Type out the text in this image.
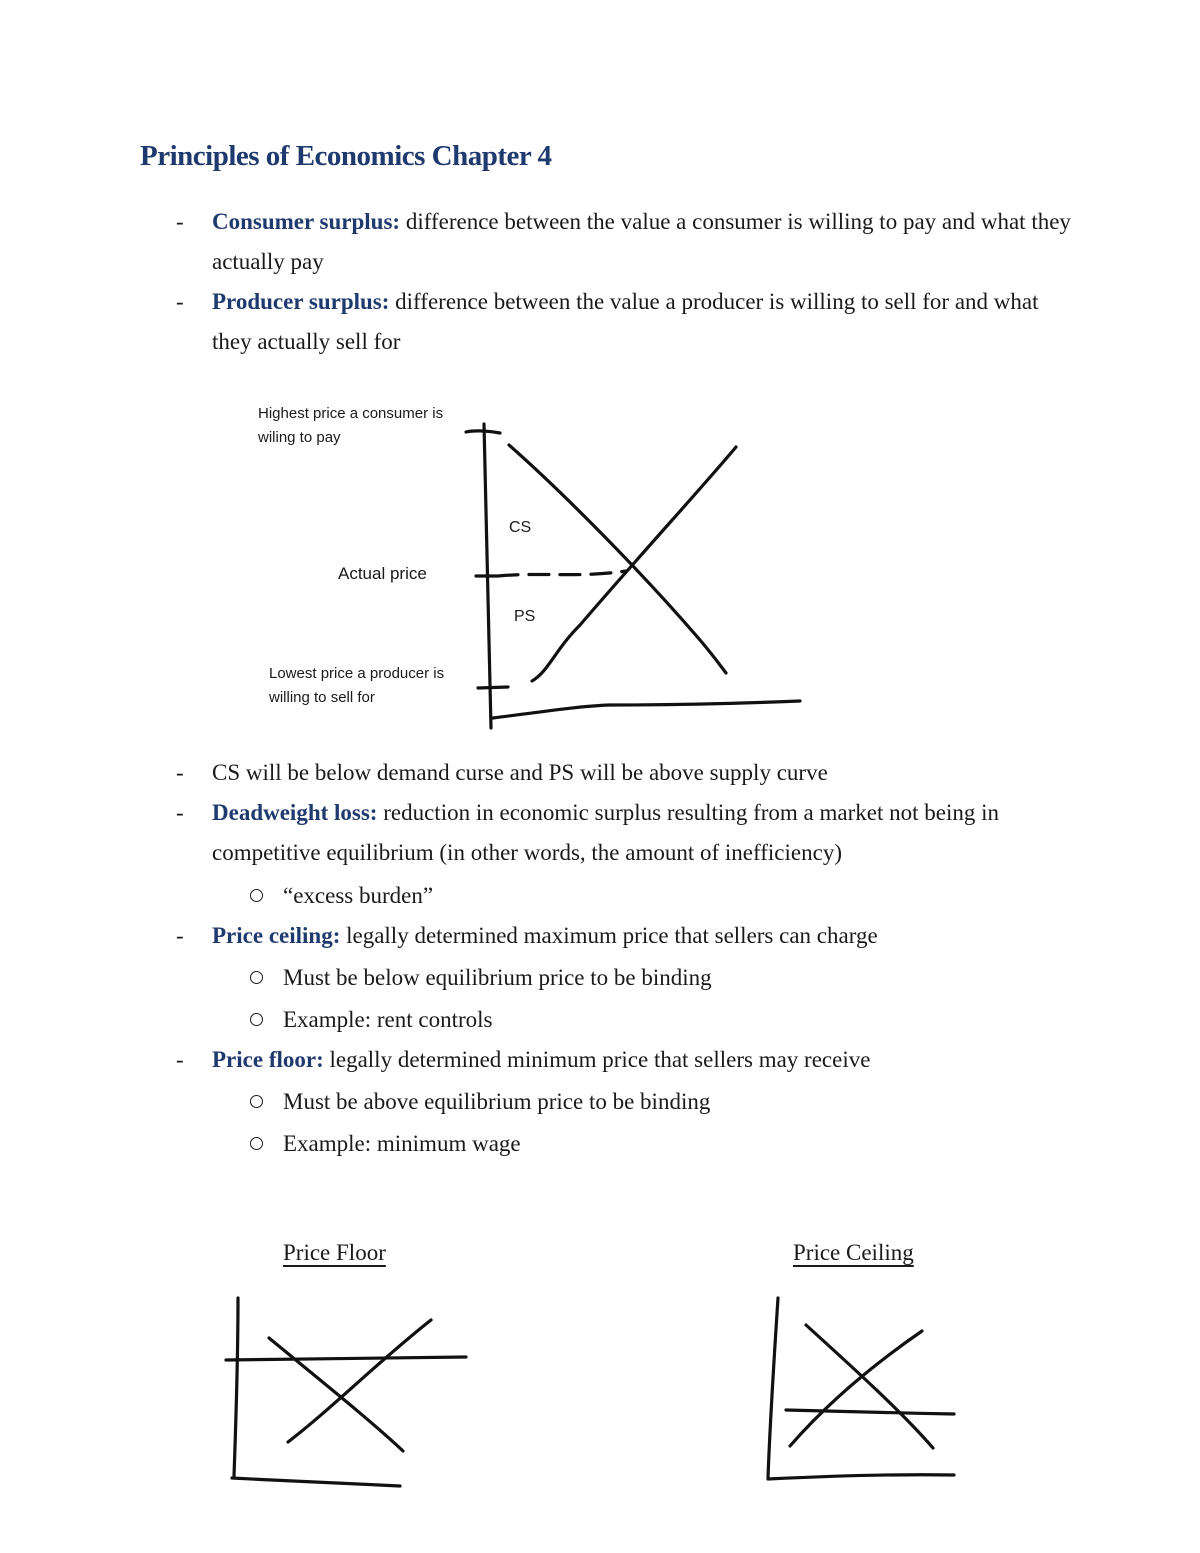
Principles of Economics Chapter 4
- Consumer surplus: difference between the value a consumer is willing to pay and what they actually pay
- Producer surplus: difference between the value a producer is willing to sell for and what they actually sell for
Highest price a consumer is wiling to pay
Actual price
Lowest price a producer is willing to sell for
CS
PS
- CS will be below demand curse and PS will be above supply curve
- Deadweight loss: reduction in economic surplus resulting from a market not being in competitive equilibrium (in other words, the amount of inefficiency)
“excess burden”
- Price ceiling: legally determined maximum price that sellers can charge
Must be below equilibrium price to be binding
Example: rent controls
- Price floor: legally determined minimum price that sellers may receive
Must be above equilibrium price to be binding
Example: minimum wage
Price Floor	Price Ceiling
